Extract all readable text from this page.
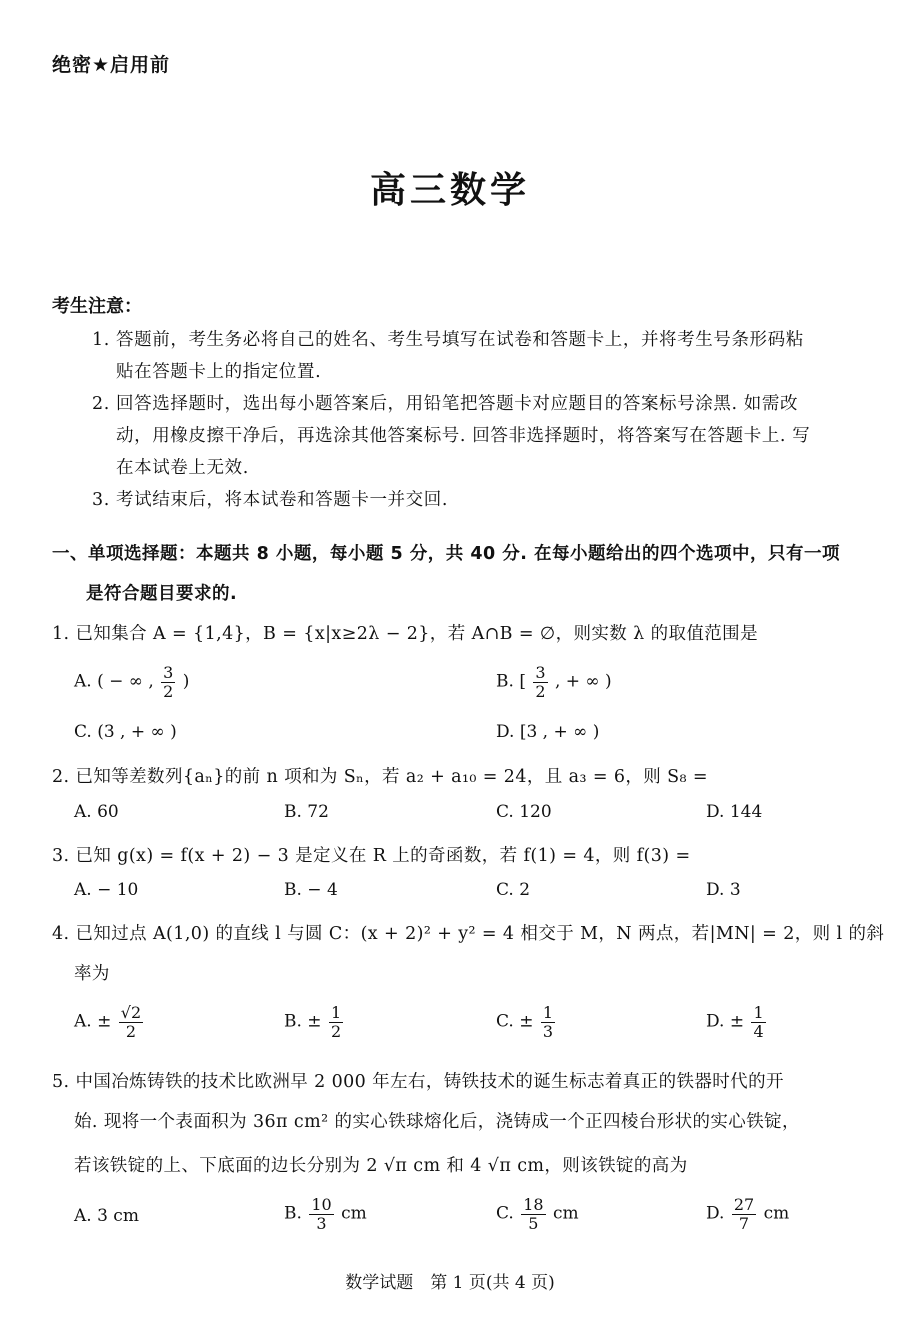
绝密★启用前
高三数学
考生注意：
1. 答题前，考生务必将自己的姓名、考生号填写在试卷和答题卡上，并将考生号条形码粘
贴在答题卡上的指定位置.
2. 回答选择题时，选出每小题答案后，用铅笔把答题卡对应题目的答案标号涂黑. 如需改
动，用橡皮擦干净后，再选涂其他答案标号. 回答非选择题时，将答案写在答题卡上. 写
在本试卷上无效.
3. 考试结束后，将本试卷和答题卡一并交回.
一、单项选择题：本题共 8 小题，每小题 5 分，共 40 分. 在每小题给出的四个选项中，只有一项
是符合题目要求的.
1. 已知集合 A = {1,4}，B = {x|x≥2λ − 2}，若 A∩B = ∅，则实数 λ 的取值范围是
A. ( − ∞ , $\frac{3}{2}$ )	B. [ $\frac{3}{2}$ , + ∞ )
C. (3 , + ∞ )	D. [3 , + ∞ )
2. 已知等差数列{aₙ}的前 n 项和为 Sₙ，若 a₂ + a₁₀ = 24，且 a₃ = 6，则 S₈ =
A. 60	B. 72	C. 120	D. 144
3. 已知 g(x) = f(x + 2) − 3 是定义在 R 上的奇函数，若 f(1) = 4，则 f(3) =
A. − 10	B. − 4	C. 2	D. 3
4. 已知过点 A(1,0) 的直线 l 与圆 C：(x + 2)² + y² = 4 相交于 M，N 两点，若|MN| = 2，则 l 的斜
率为
A. ± $\frac{√2}{2}$	B. ± $\frac{1}{2}$	C. ± $\frac{1}{3}$	D. ± $\frac{1}{4}$
5. 中国冶炼铸铁的技术比欧洲早 2 000 年左右，铸铁技术的诞生标志着真正的铁器时代的开
始. 现将一个表面积为 36π cm² 的实心铁球熔化后，浇铸成一个正四棱台形状的实心铁锭，
若该铁锭的上、下底面的边长分别为 2 √π cm 和 4 √π cm，则该铁锭的高为
A. 3 cm	B. $\frac{10}{3}$ cm	C. $\frac{18}{5}$ cm	D. $\frac{27}{7}$ cm
数学试题　第 1 页(共 4 页)
